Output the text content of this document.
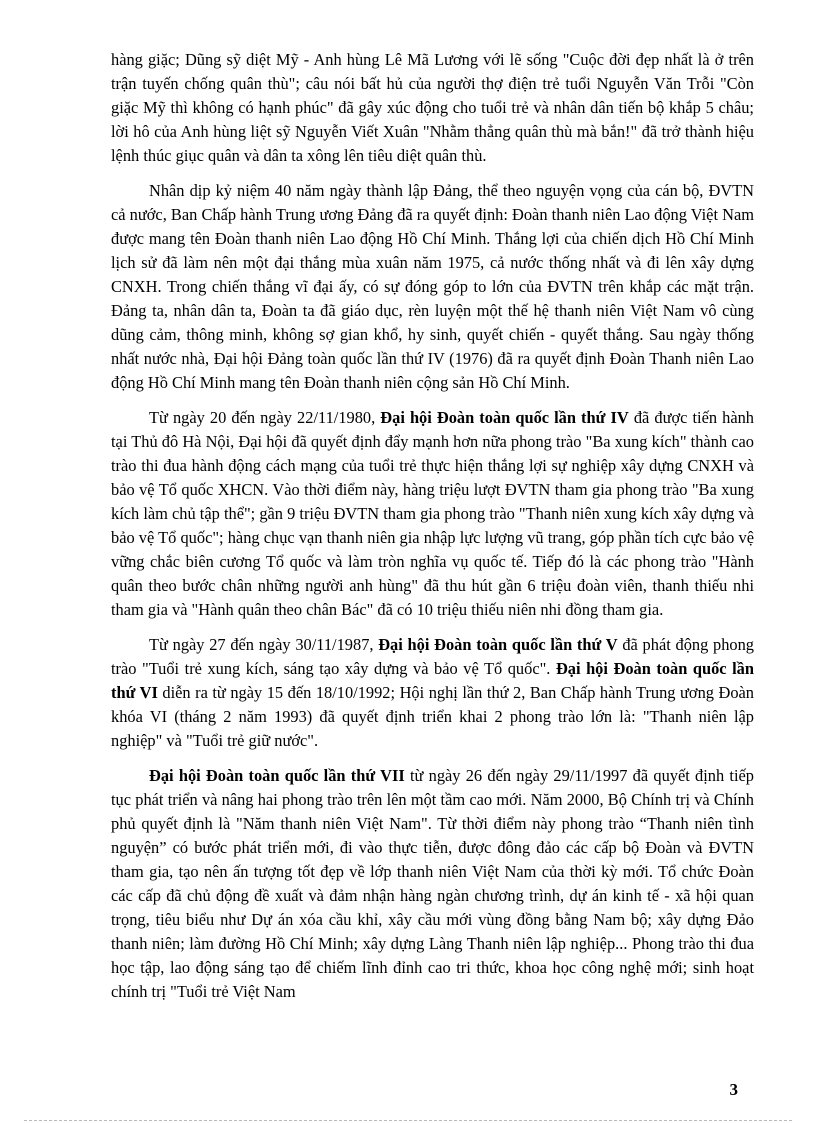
hàng giặc; Dũng sỹ diệt Mỹ - Anh hùng Lê Mã Lương với lẽ sống "Cuộc đời đẹp nhất là ở trên trận tuyến chống quân thù"; câu nói bất hủ của người thợ điện trẻ tuổi Nguyễn Văn Trỗi "Còn giặc Mỹ thì không có hạnh phúc" đã gây xúc động cho tuổi trẻ và nhân dân tiến bộ khắp 5 châu; lời hô của Anh hùng liệt sỹ Nguyễn Viết Xuân "Nhằm thẳng quân thù mà bắn!" đã trở thành hiệu lệnh thúc giục quân và dân ta xông lên tiêu diệt quân thù.

Nhân dịp kỷ niệm 40 năm ngày thành lập Đảng, thể theo nguyện vọng của cán bộ, ĐVTN cả nước, Ban Chấp hành Trung ương Đảng đã ra quyết định: Đoàn thanh niên Lao động Việt Nam được mang tên Đoàn thanh niên Lao động Hồ Chí Minh. Thắng lợi của chiến dịch Hồ Chí Minh lịch sử đã làm nên một đại thắng mùa xuân năm 1975, cả nước thống nhất và đi lên xây dựng CNXH. Trong chiến thắng vĩ đại ấy, có sự đóng góp to lớn của ĐVTN trên khắp các mặt trận. Đảng ta, nhân dân ta, Đoàn ta đã giáo dục, rèn luyện một thế hệ thanh niên Việt Nam vô cùng dũng cảm, thông minh, không sợ gian khổ, hy sinh, quyết chiến - quyết thắng. Sau ngày thống nhất nước nhà, Đại hội Đảng toàn quốc lần thứ IV (1976) đã ra quyết định Đoàn Thanh niên Lao động Hồ Chí Minh mang tên Đoàn thanh niên cộng sản Hồ Chí Minh.

Từ ngày 20 đến ngày 22/11/1980, Đại hội Đoàn toàn quốc lần thứ IV đã được tiến hành tại Thủ đô Hà Nội, Đại hội đã quyết định đẩy mạnh hơn nữa phong trào "Ba xung kích" thành cao trào thi đua hành động cách mạng của tuổi trẻ thực hiện thắng lợi sự nghiệp xây dựng CNXH và bảo vệ Tổ quốc XHCN. Vào thời điểm này, hàng triệu lượt ĐVTN tham gia phong trào "Ba xung kích làm chủ tập thể"; gần 9 triệu ĐVTN tham gia phong trào "Thanh niên xung kích xây dựng và bảo vệ Tổ quốc"; hàng chục vạn thanh niên gia nhập lực lượng vũ trang, góp phần tích cực bảo vệ vững chắc biên cương Tổ quốc và làm tròn nghĩa vụ quốc tế. Tiếp đó là các phong trào "Hành quân theo bước chân những người anh hùng" đã thu hút gần 6 triệu đoàn viên, thanh thiếu nhi tham gia và "Hành quân theo chân Bác" đã có 10 triệu thiếu niên nhi đồng tham gia.

Từ ngày 27 đến ngày 30/11/1987, Đại hội Đoàn toàn quốc lần thứ V đã phát động phong trào "Tuổi trẻ xung kích, sáng tạo xây dựng và bảo vệ Tổ quốc". Đại hội Đoàn toàn quốc lần thứ VI diễn ra từ ngày 15 đến 18/10/1992; Hội nghị lần thứ 2, Ban Chấp hành Trung ương Đoàn khóa VI (tháng 2 năm 1993) đã quyết định triển khai 2 phong trào lớn là: "Thanh niên lập nghiệp" và "Tuổi trẻ giữ nước".

Đại hội Đoàn toàn quốc lần thứ VII từ ngày 26 đến ngày 29/11/1997 đã quyết định tiếp tục phát triển và nâng hai phong trào trên lên một tầm cao mới. Năm 2000, Bộ Chính trị và Chính phủ quyết định là "Năm thanh niên Việt Nam". Từ thời điểm này phong trào “Thanh niên tình nguyện” có bước phát triển mới, đi vào thực tiễn, được đông đảo các cấp bộ Đoàn và ĐVTN tham gia, tạo nên ấn tượng tốt đẹp về lớp thanh niên Việt Nam của thời kỳ mới. Tổ chức Đoàn các cấp đã chủ động đề xuất và đảm nhận hàng ngàn chương trình, dự án kinh tế - xã hội quan trọng, tiêu biểu như Dự án xóa cầu khỉ, xây cầu mới vùng đồng bằng Nam bộ; xây dựng Đảo thanh niên; làm đường Hồ Chí Minh; xây dựng Làng Thanh niên lập nghiệp... Phong trào thi đua học tập, lao động sáng tạo để chiếm lĩnh đỉnh cao tri thức, khoa học công nghệ mới; sinh hoạt chính trị "Tuổi trẻ Việt Nam

3
